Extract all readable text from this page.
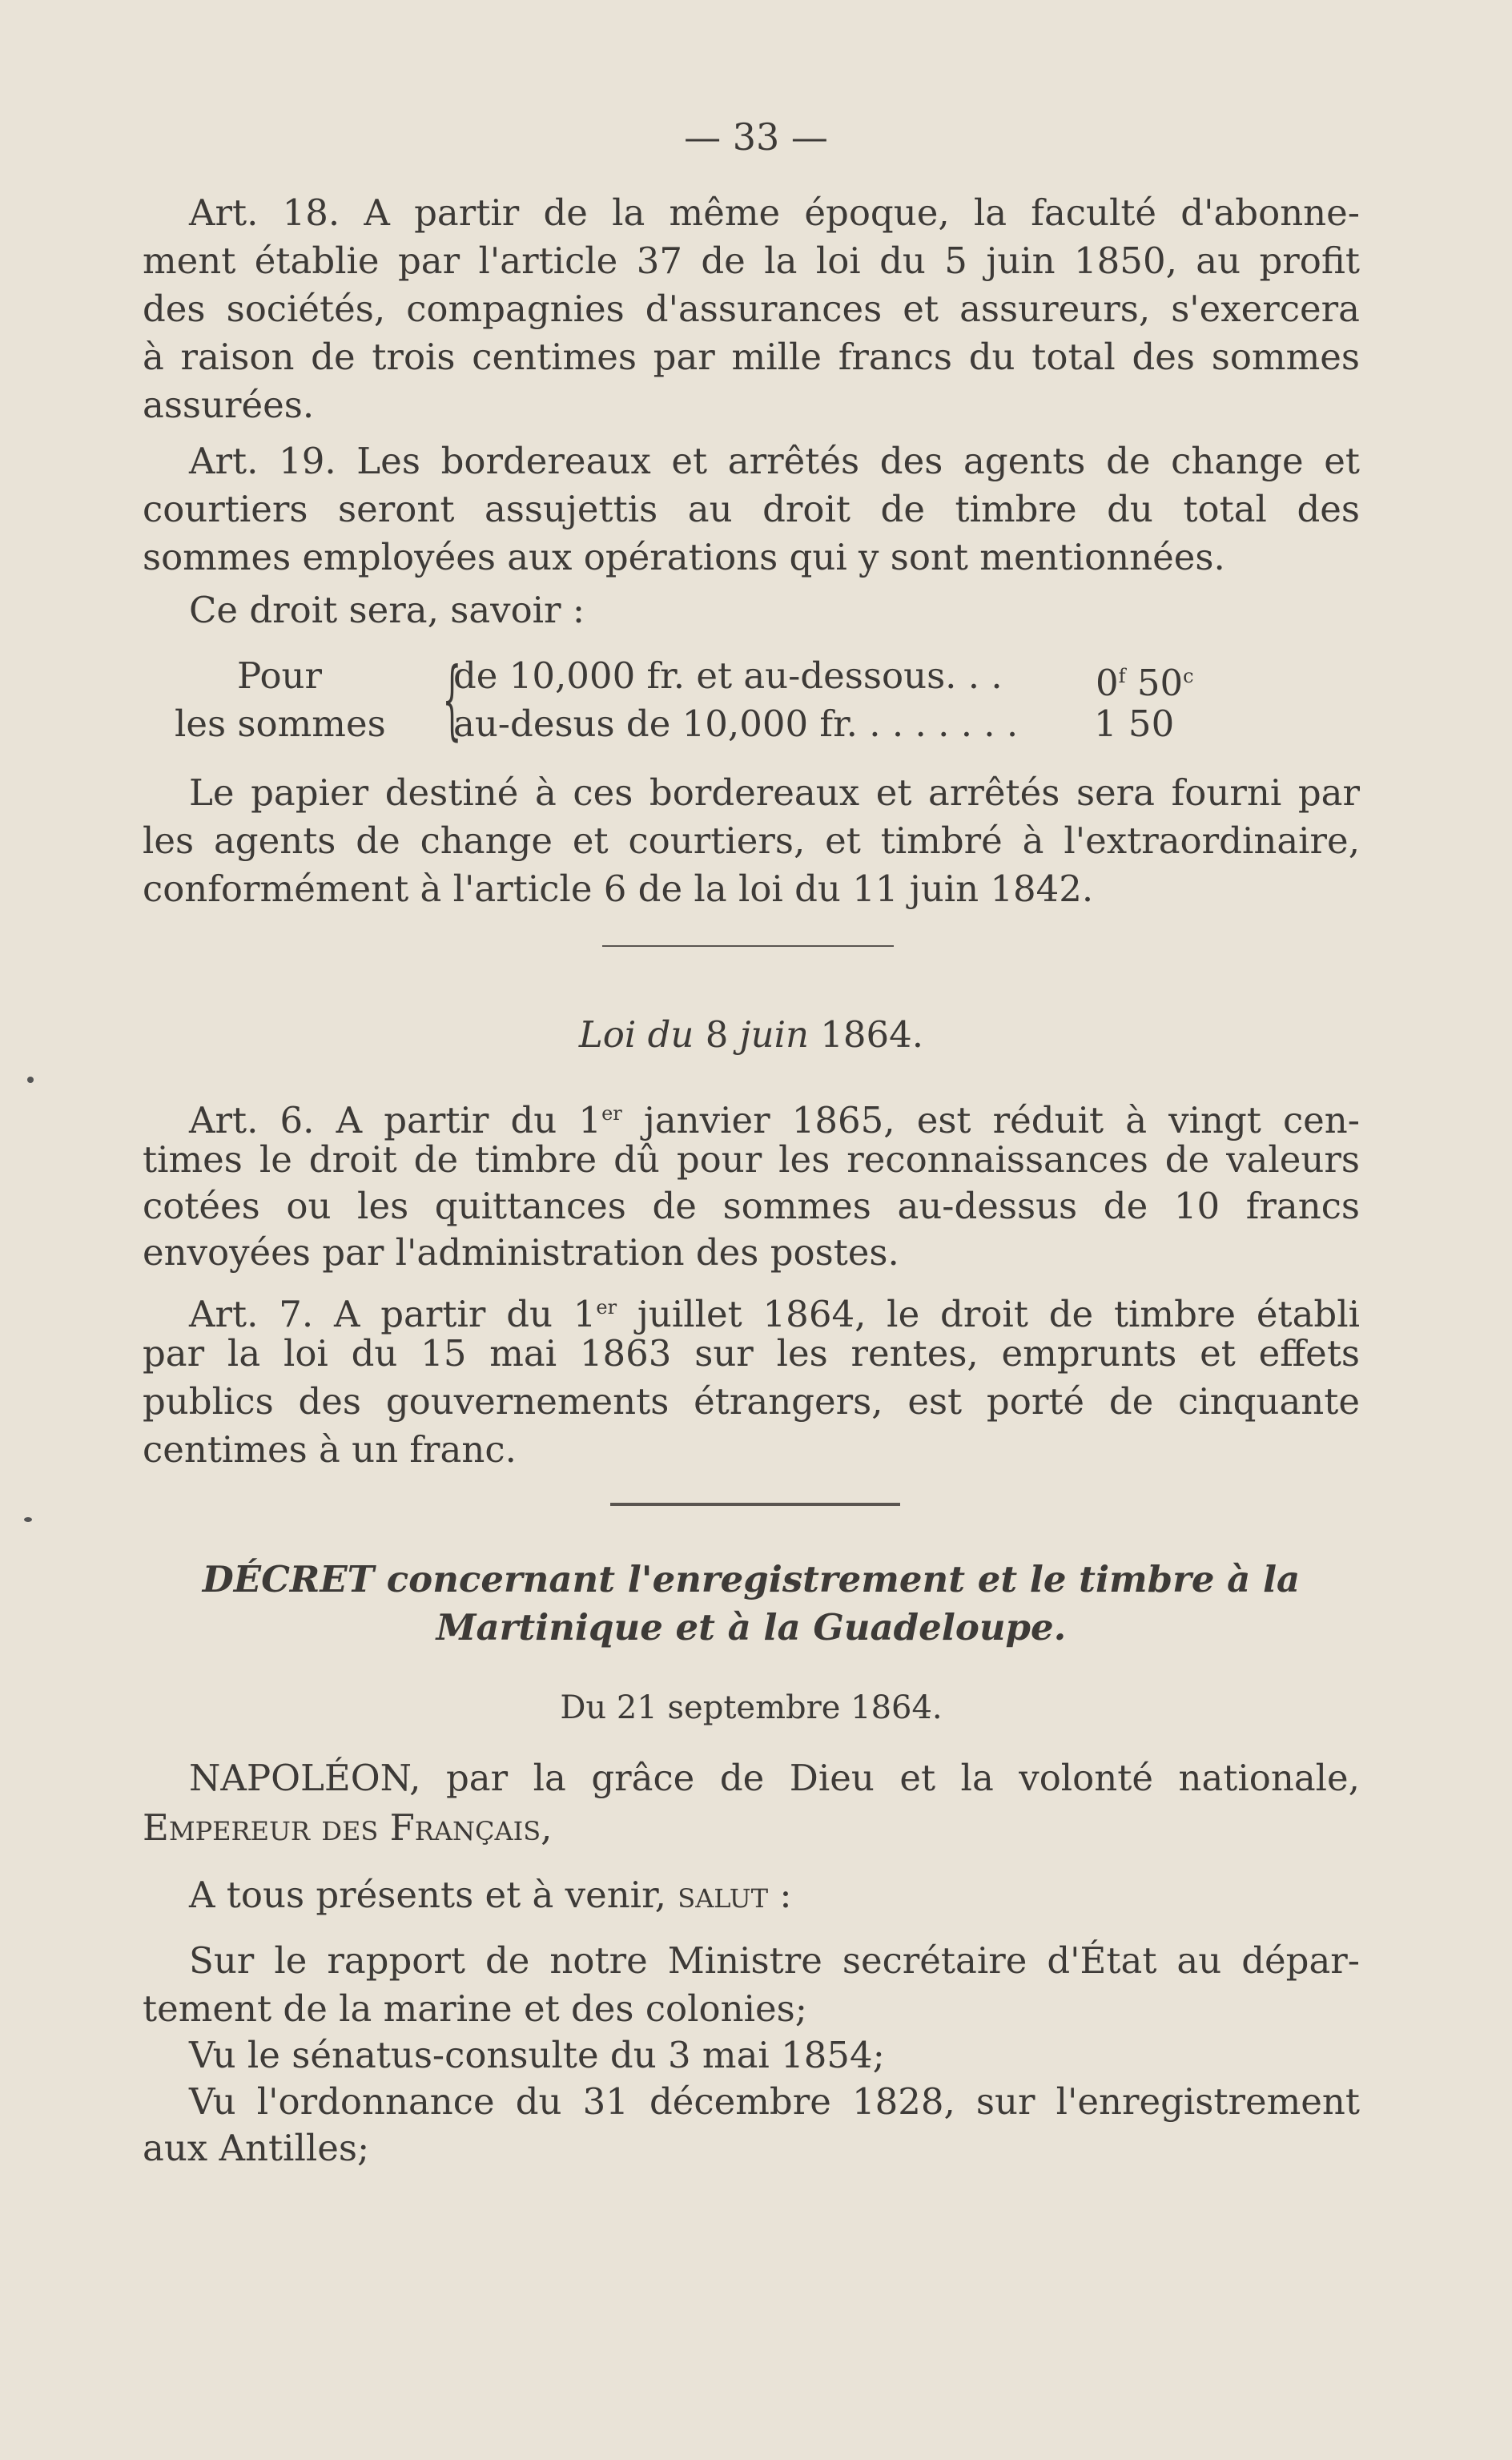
— 33 —
Art. 18. A partir de la même époque, la faculté d'abonne-
ment établie par l'article 37 de la loi du 5 juin 1850, au profit
des sociétés, compagnies d'assurances et assureurs, s'exercera
à raison de trois centimes par mille francs du total des sommes
assurées.
Art. 19. Les bordereaux et arrêtés des agents de change et
courtiers seront assujettis au droit de timbre du total des
sommes employées aux opérations qui y sont mentionnées.
Ce droit sera, savoir :
Pour
les sommes {
de 10,000 fr. et au-dessous. . .	0$^f$ 50$^c$
au-desus de 10,000 fr. . . . . . . . 1 50
Le papier destiné à ces bordereaux et arrêtés sera fourni par
les agents de change et courtiers, et timbré à l'extraordinaire,
conformément à l'article 6 de la loi du 11 juin 1842.
Loi du 8 juin 1864.
Art. 6. A partir du 1er janvier 1865, est réduit à vingt cen-
times le droit de timbre dû pour les reconnaissances de valeurs
cotées ou les quittances de sommes au-dessus de 10 francs
envoyées par l'administration des postes.
Art. 7. A partir du 1er juillet 1864, le droit de timbre établi
par la loi du 15 mai 1863 sur les rentes, emprunts et effets
publics des gouvernements étrangers, est porté de cinquante
centimes à un franc.
DÉCRET concernant l'enregistrement et le timbre à la
Martinique et à la Guadeloupe.
Du 21 septembre 1864.
NAPOLÉON, par la grâce de Dieu et la volonté nationale,
Empereur des Français,
A tous présents et à venir, salut :
Sur le rapport de notre Ministre secrétaire d'État au dépar-
tement de la marine et des colonies;
Vu le sénatus-consulte du 3 mai 1854;
Vu l'ordonnance du 31 décembre 1828, sur l'enregistrement
aux Antilles;
